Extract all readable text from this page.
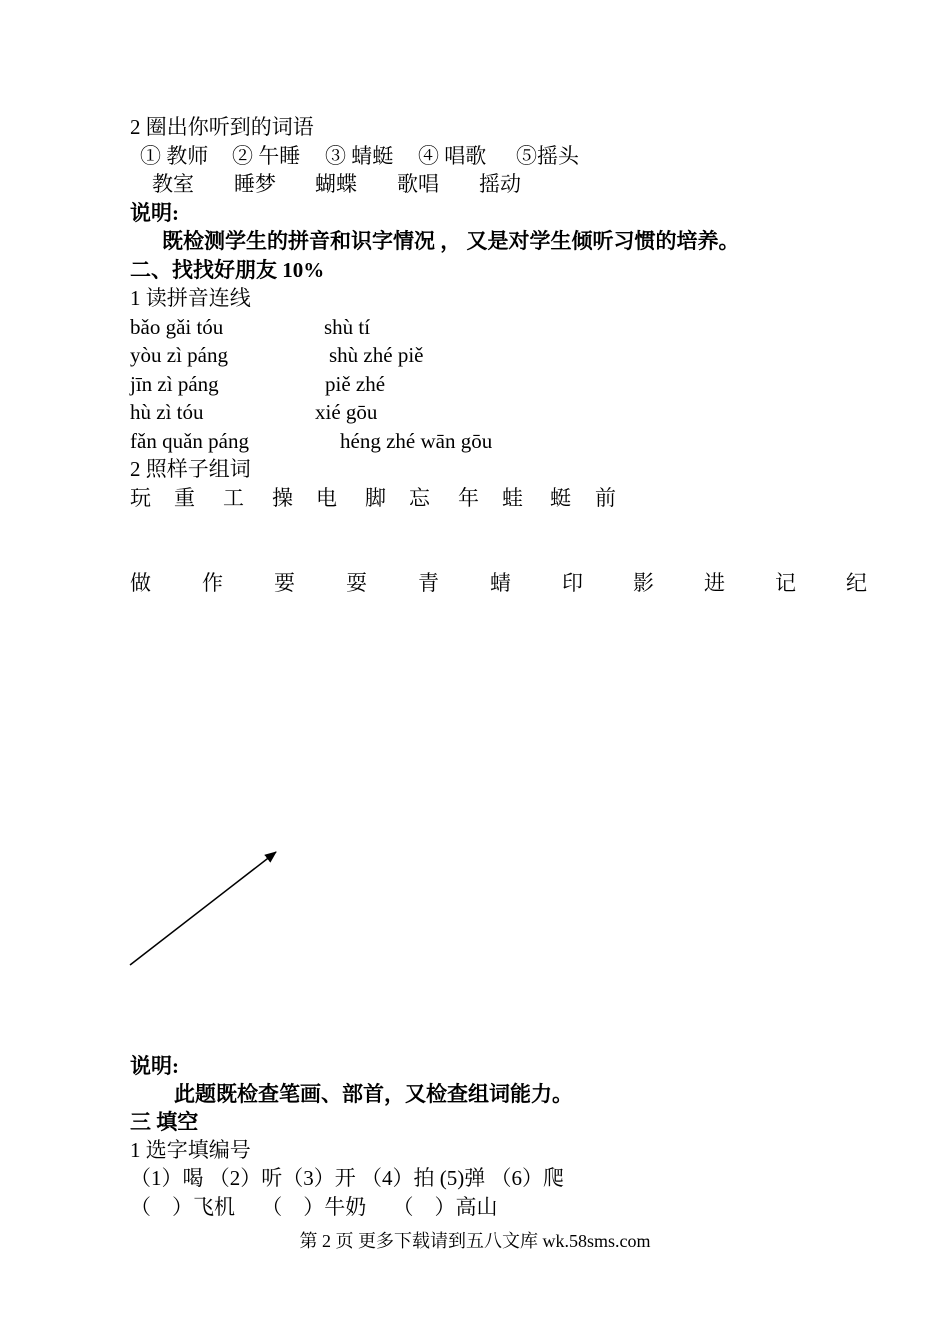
2 圈出你听到的词语
① 教师 ② 午睡 ③ 蜻蜓 ④ 唱歌 ⑤摇头
教室 睡梦 蝴蝶 歌唱 摇动
说明:
既检测学生的拼音和识字情况 ， 又是对学生倾听习惯的培养。
二、找找好朋友 10%
1 读拼音连线
bǎo gǎi tóu
yòu zì páng
jīn zì páng
hù zì tóu
fǎn quǎn páng
shù tí
shù zhé piě
piě zhé
xié gōu
héng zhé wān gōu
2 照样子组词
玩 重 工 操 电 脚 忘 年 蛙 蜓 前
做 作 要 耍 青 蜻 印 影 进 记 纪
说明:
此题既检查笔画、部首，又检查组词能力。
三 填空
1 选字填编号
（1）喝 （2）听（3）开 （4）拍 (5)弹 （6）爬
（    ）飞机     （    ）牛奶     （    ）高山
第 2 页 更多下载请到五八文库 wk.58sms.com
